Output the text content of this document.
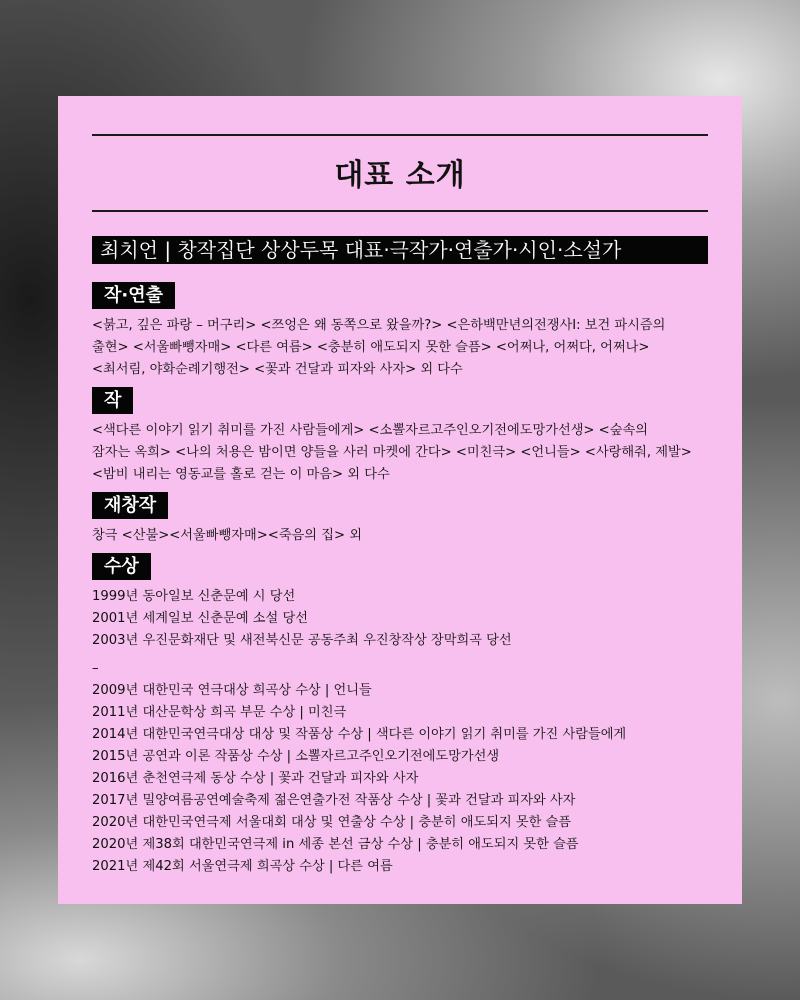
대표 소개
최치언 | 창작집단 상상두목 대표·극작가·연출가·시인·소설가
작·연출
<붉고, 깊은 파랑 – 머구리> <쯔엉은 왜 동쪽으로 왔을까?> <은하백만년의전쟁사I: 보건 파시즘의
출현> <서울빠뺑자매> <다른 여름> <충분히 애도되지 못한 슬픔> <어쩌나, 어쩌다, 어쩌나>
<최서림, 야화순례기행전> <꽃과 건달과 피자와 사자> 외 다수
작
<색다른 이야기 읽기 취미를 가진 사람들에게> <소뽈자르고주인오기전에도망가선생> <숲속의
잠자는 옥희> <나의 처용은 밤이면 양들을 사러 마켓에 간다> <미친극> <언니들> <사랑해줘, 제발>
<밤비 내리는 영동교를 홀로 걷는 이 마음> 외 다수
재창작
창극 <산불><서울빠뺑자매><죽음의 집> 외
수상
1999년 동아일보 신춘문예 시 당선
2001년 세계일보 신춘문예 소설 당선
2003년 우진문화재단 및 새전북신문 공동주최 우진창작상 장막희곡 당선
–
2009년 대한민국 연극대상 희곡상 수상 | 언니들
2011년 대산문학상 희곡 부문 수상 | 미친극
2014년 대한민국연극대상 대상 및 작품상 수상 | 색다른 이야기 읽기 취미를 가진 사람들에게
2015년 공연과 이론 작품상 수상 | 소뽈자르고주인오기전에도망가선생
2016년 춘천연극제 동상 수상 | 꽃과 건달과 피자와 사자
2017년 밀양여름공연예술축제 젊은연출가전 작품상 수상 | 꽃과 건달과 피자와 사자
2020년 대한민국연극제 서울대회 대상 및 연출상 수상 | 충분히 애도되지 못한 슬픔
2020년 제38회 대한민국연극제 in 세종 본선 금상 수상 | 충분히 애도되지 못한 슬픔
2021년 제42회 서울연극제 희곡상 수상 | 다른 여름
